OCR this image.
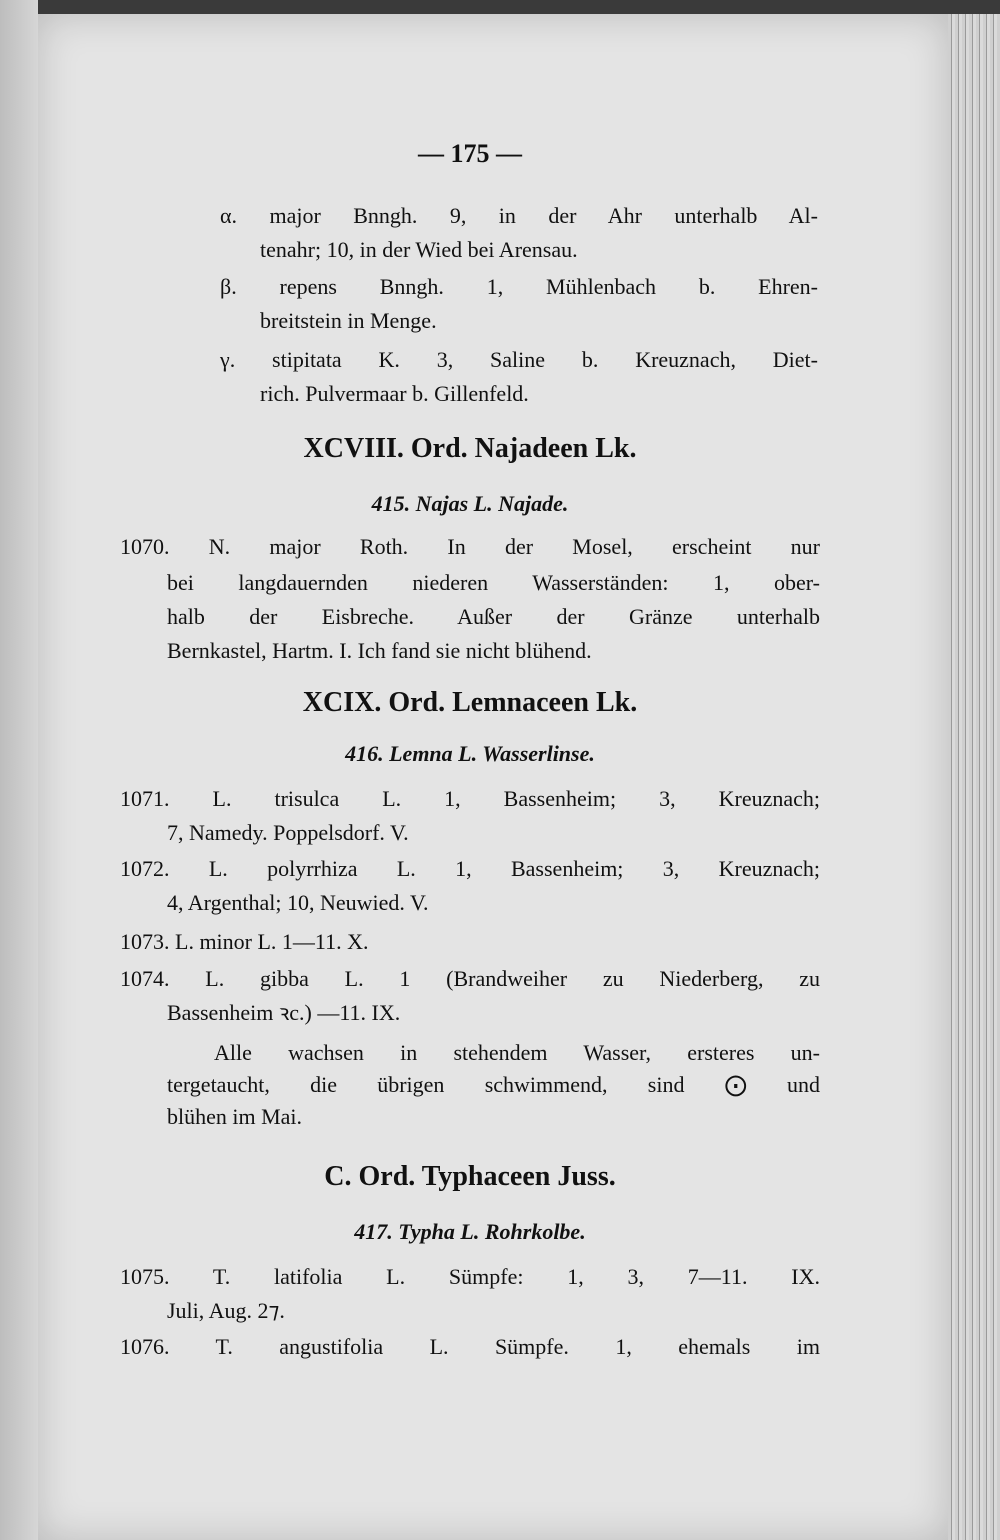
— 175 —
α. major Bnngh. 9, in der Ahr unterhalb Al-
tenahr; 10, in der Wied bei Arensau.
β. repens Bnngh. 1, Mühlenbach b. Ehren-
breitstein in Menge.
γ. stipitata K. 3, Saline b. Kreuznach, Diet-
rich. Pulvermaar b. Gillenfeld.
XCVIII. Ord. Najadeen Lk.
415. Najas L. Najade.
1070. N. major Roth. In der Mosel, erscheint nur
bei langdauernden niederen Wasserständen: 1, ober-
halb der Eisbreche. Außer der Gränze unterhalb
Bernkastel, Hartm. I. Ich fand sie nicht blühend.
XCIX. Ord. Lemnaceen Lk.
416. Lemna L. Wasserlinse.
1071. L. trisulca L. 1, Bassenheim; 3, Kreuznach;
7, Namedy. Poppelsdorf. V.
1072. L. polyrrhiza L. 1, Bassenheim; 3, Kreuznach;
4, Argenthal; 10, Neuwied. V.
1073. L. minor L. 1—11. X.
1074. L. gibba L. 1 (Brandweiher zu Niederberg, zu
Bassenheim ꝛc.) —11. IX.
Alle wachsen in stehendem Wasser, ersteres un-
tergetaucht, die übrigen schwimmend, sind ⨀ und
blühen im Mai.
C. Ord. Typhaceen Juss.
417. Typha L. Rohrkolbe.
1075. T. latifolia L. Sümpfe: 1, 3, 7—11. IX.
Juli, Aug. 2⁊.
1076. T. angustifolia L. Sümpfe. 1, ehemals im
